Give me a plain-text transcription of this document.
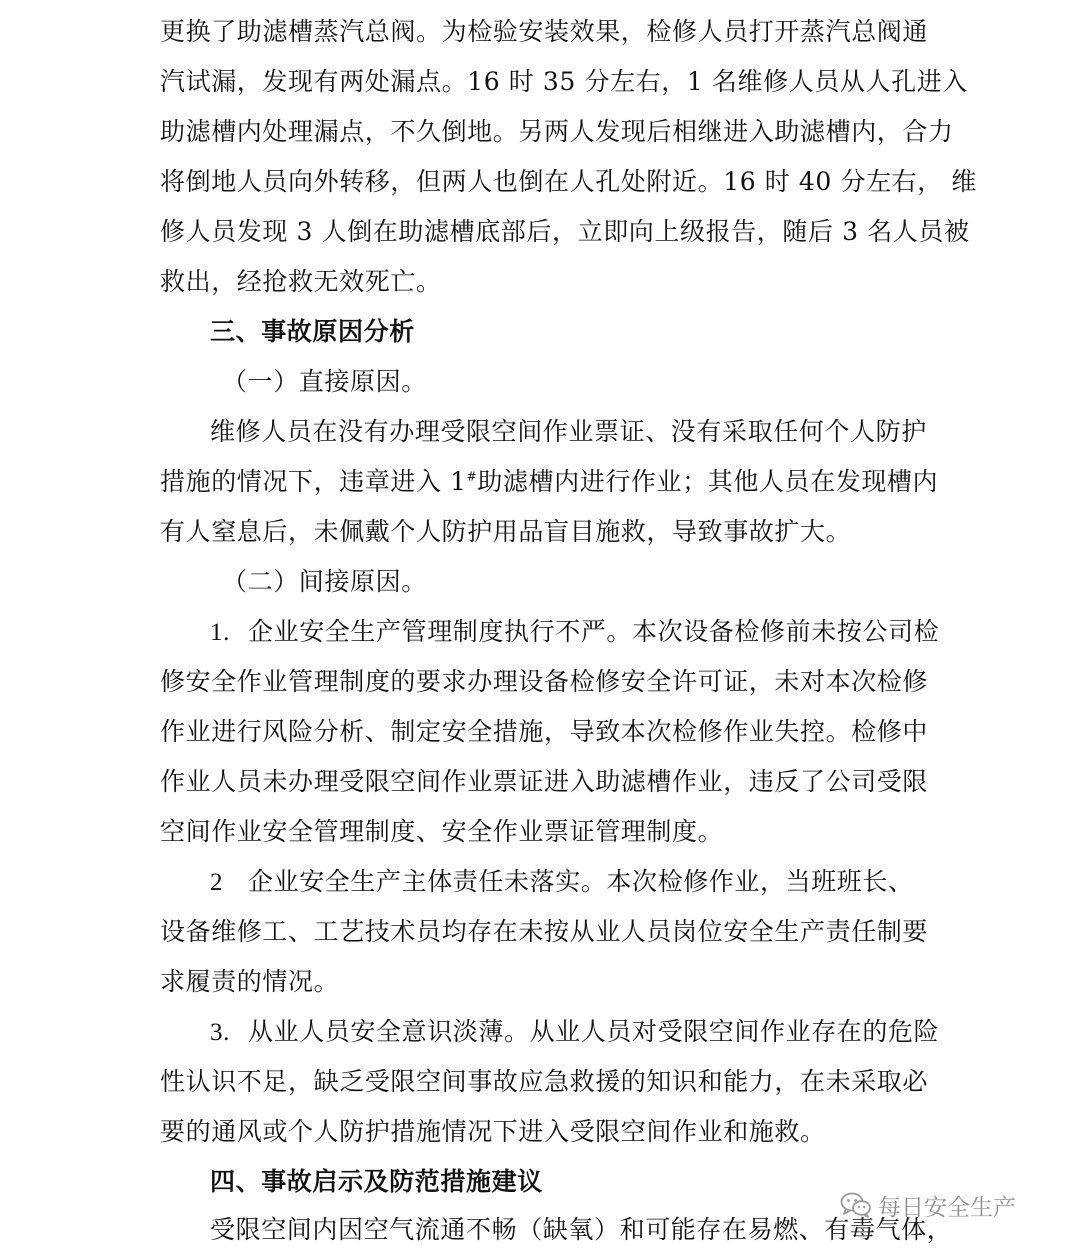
更换了助滤槽蒸汽总阀。为检验安装效果，检修人员打开蒸汽总阀通
汽试漏，发现有两处漏点。16 时 35 分左右，1 名维修人员从人孔进入
助滤槽内处理漏点，不久倒地。另两人发现后相继进入助滤槽内，合力
将倒地人员向外转移，但两人也倒在人孔处附近。16 时 40 分左右， 维
修人员发现 3 人倒在助滤槽底部后，立即向上级报告，随后 3 名人员被
救出，经抢救无效死亡。
三、事故原因分析
（一）直接原因。
维修人员在没有办理受限空间作业票证、没有采取任何个人防护
措施的情况下，违章进入 1#助滤槽内进行作业；其他人员在发现槽内
有人窒息后，未佩戴个人防护用品盲目施救，导致事故扩大。
（二）间接原因。
1. 企业安全生产管理制度执行不严。本次设备检修前未按公司检
修安全作业管理制度的要求办理设备检修安全许可证，未对本次检修
作业进行风险分析、制定安全措施，导致本次检修作业失控。检修中
作业人员未办理受限空间作业票证进入助滤槽作业，违反了公司受限
空间作业安全管理制度、安全作业票证管理制度。
2 企业安全生产主体责任未落实。本次检修作业，当班班长、
设备维修工、工艺技术员均存在未按从业人员岗位安全生产责任制要
求履责的情况。
3. 从业人员安全意识淡薄。从业人员对受限空间作业存在的危险
性认识不足，缺乏受限空间事故应急救援的知识和能力，在未采取必
要的通风或个人防护措施情况下进入受限空间作业和施救。
四、事故启示及防范措施建议
受限空间内因空气流通不畅（缺氧）和可能存在易燃、有毒气体，
每日安全生产
